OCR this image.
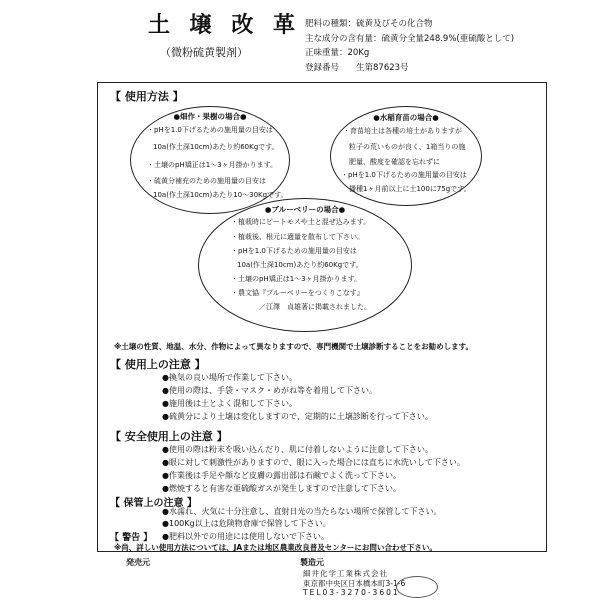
土 壌 改 革
（微粉硫黄製剤）
肥料の種類：硫黄及びその化合物
主な成分の含有量：硫黄分全量248.9%(亜硫酸として)
正味重量：20Kg
登録番号　　生第87623号
【 使用方法 】
●畑作・果樹の場合●
・pHを1.0下げるための施用量の目安は
10a(作土深10cm)あたり約60Kgです。
・土壌のpH矯正は1～3ヶ月掛かります。
・硫黄分補充のための施用量の目安は
10a(作土深10cm)あたり10～30Kgです。
●水稲育苗の場合●
・育苗培土は各種の培土がありますが
粒子の荒いものが良く、1箱当りの施
肥量、酸度を確認を忘れずに
・pHを1.0下げるための施用量の目安は
播種1ヶ月前以上に土100に75gです。
●ブルーベリーの場合●
・植栽時にピートモスや土と混ぜ込みます。
・植栽後、根元に適量を散布して下さい。
・pHを1.0下げるための施用量の目安は
10a(作土深10cm)あたり約60Kgです。
・土壌のpH矯正は1～3ヶ月掛かります。
・農文協『ブルーベリーをつくりこなす』
／江澤　貞雄著に掲載されました。
※土壌の性質、地温、水分、作物によって異なりますので、専門機関で土壌診断することをお勧めします。
【 使用上の注意 】
●換気の良い場所で作業して下さい。
●使用の際は、手袋・マスク・めがね等を着用して下さい。
●施用後は土とよく混和して下さい。
●硫黄分により土壌は変化しますので、定期的に土壌診断を行って下さい。
【 安全使用上の注意 】
●使用の際は粉末を吸い込んだり、肌に付着しないように注意して下さい。
●眼に対して刺激性がありますので、眼に入った場合には直ちに水洗いして下さい。
●作業後は手足や顔など皮膚の露出部は石鹸でよく洗って下さい。
●燃焼すると有害な亜硫酸ガスが発生しますので注意して下さい。
【 保管上の注意 】
●水濡れ、火気に十分注意し、直射日光の当たらない場所で保管して下さい。
●100Kg以上は危険物倉庫で保管して下さい。
【 警告 】 ●肥料以外での用途には使用しないで下さい。
※尚、詳しい使用方法については、JAまたは地区農業改良普及センターにお問い合わせ下さい。
発売元	製造元
細井化学工業株式会社
東京都中央区日本橋本町3-1-6
TEL03-3270-3601
